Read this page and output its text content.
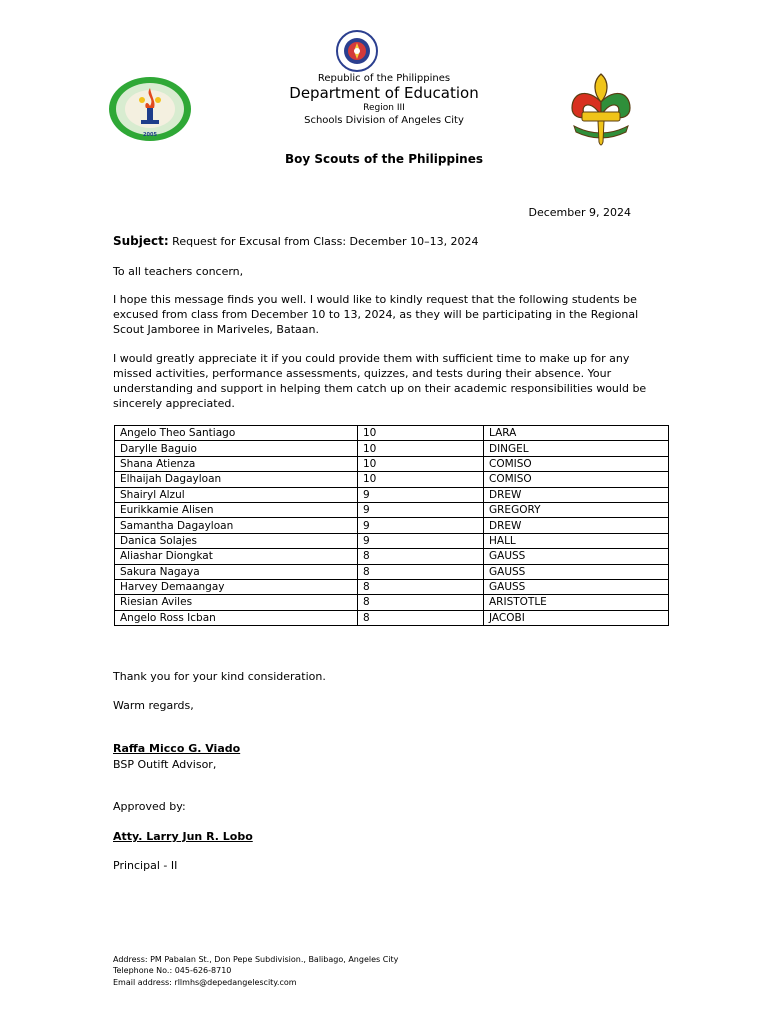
2005
Republic of the Philippines
Department of Education
Region III
Schools Division of Angeles City
Boy Scouts of the Philippines
December 9, 2024
Subject: Request for Excusal from Class: December 10–13, 2024
To all teachers concern,
I hope this message finds you well. I would like to kindly request that the following students be excused from class from December 10 to 13, 2024, as they will be participating in the Regional Scout Jamboree in Mariveles, Bataan.
I would greatly appreciate it if you could provide them with sufficient time to make up for any missed activities, performance assessments, quizzes, and tests during their absence. Your understanding and support in helping them catch up on their academic responsibilities would be sincerely appreciated.
Angelo Theo Santiago	10	LARA
Darylle Baguio	10	DINGEL
Shana Atienza	10	COMISO
Elhaijah Dagayloan	10	COMISO
Shairyl Alzul	9	DREW
Eurikkamie Alisen	9	GREGORY
Samantha Dagayloan	9	DREW
Danica Solajes	9	HALL
Aliashar Diongkat	8	GAUSS
Sakura Nagaya	8	GAUSS
Harvey Demaangay	8	GAUSS
Riesian Aviles	8	ARISTOTLE
Angelo Ross Icban	8	JACOBI
Thank you for your kind consideration.
Warm regards,
Raffa Micco G. Viado
BSP Outift Advisor,
Approved by:
Atty. Larry Jun R. Lobo
Principal - II
Address: PM Pabalan St., Don Pepe Subdivision., Balibago, Angeles City
Telephone No.: 045-626-8710
Email address: rllmhs@depedangelescity.com
